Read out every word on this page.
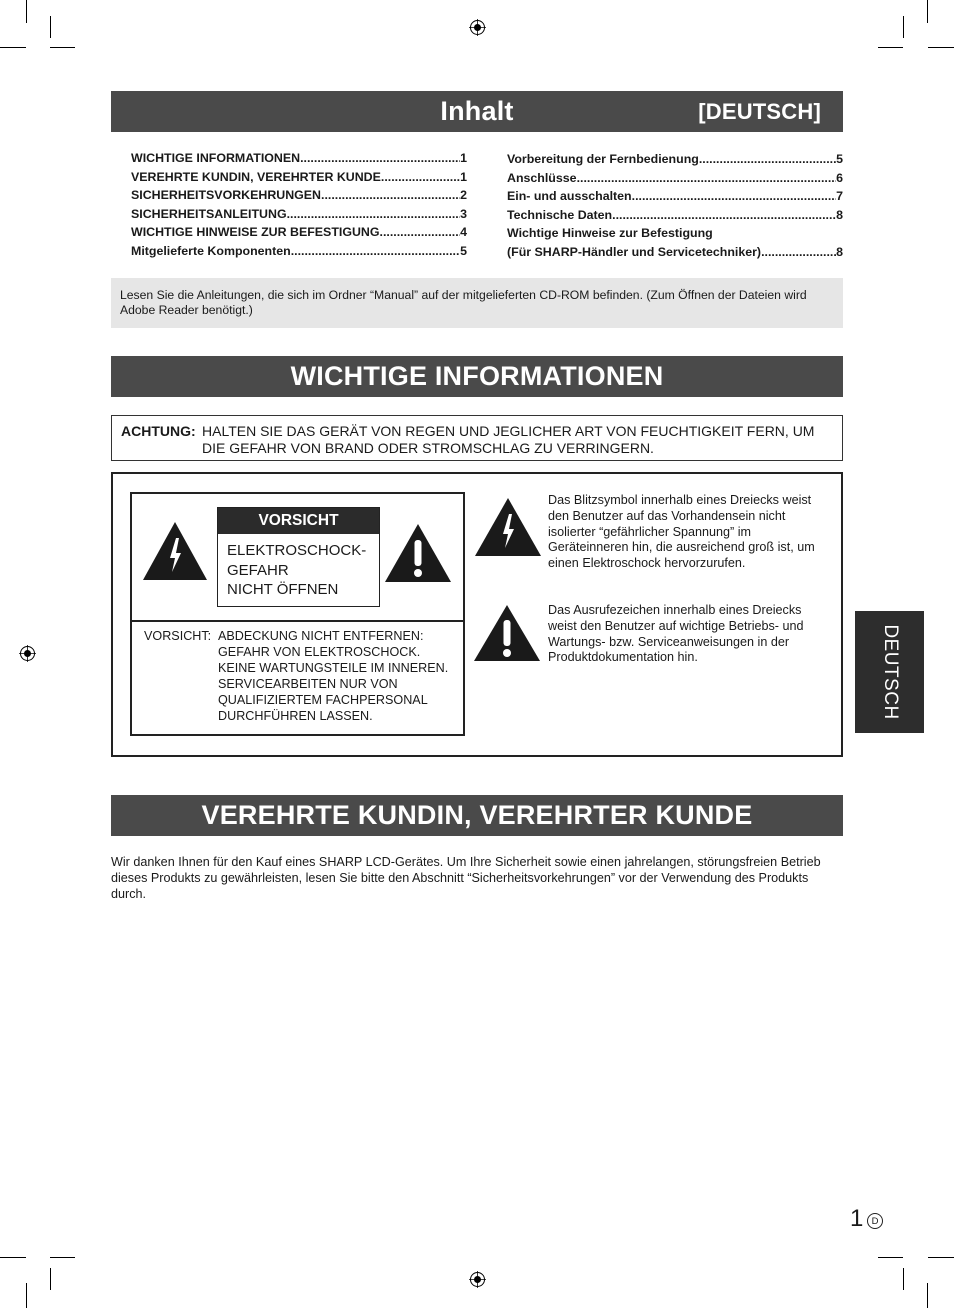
Inhalt	[DEUTSCH]
WICHTIGE INFORMATIONEN .....	1
VEREHRTE KUNDIN, VEREHRTER KUNDE .....	1
SICHERHEITSVORKEHRUNGEN .....	2
SICHERHEITSANLEITUNG .....	3
WICHTIGE HINWEISE ZUR BEFESTIGUNG .....	4
Mitgelieferte Komponenten .....	5
Vorbereitung der Fernbedienung .....	5
Anschlüsse .....	6
Ein- und ausschalten .....	7
Technische Daten .....	8
Wichtige Hinweise zur Befestigung
(Für SHARP-Händler und Servicetechniker) .....	8
Lesen Sie die Anleitungen, die sich im Ordner “Manual” auf der mitgelieferten CD-ROM befinden. (Zum Öffnen der Dateien wird Adobe Reader benötigt.)
WICHTIGE INFORMATIONEN
ACHTUNG: HALTEN SIE DAS GERÄT VON REGEN UND JEGLICHER ART VON FEUCHTIGKEIT FERN, UM DIE GEFAHR VON BRAND ODER STROMSCHLAG ZU VERRINGERN.
VORSICHT
ELEKTROSCHOCK-
GEFAHR
NICHT ÖFFNEN
VORSICHT: ABDECKUNG NICHT ENTFERNEN:
GEFAHR VON ELEKTROSCHOCK.
KEINE WARTUNGSTEILE IM INNEREN.
SERVICEARBEITEN NUR VON
QUALIFIZIERTEM FACHPERSONAL
DURCHFÜHREN LASSEN.
Das Blitzsymbol innerhalb eines Dreiecks weist den Benutzer auf das Vorhandensein nicht isolierter “gefährlicher Spannung” im Geräteinneren hin, die ausreichend groß ist, um einen Elektroschock hervorzurufen.
Das Ausrufezeichen innerhalb eines Dreiecks weist den Benutzer auf wichtige Betriebs- und Wartungs- bzw. Serviceanweisungen in der Produktdokumentation hin.	DEUTSCH
VEREHRTE KUNDIN, VEREHRTER KUNDE
Wir danken Ihnen für den Kauf eines SHARP LCD-Gerätes. Um Ihre Sicherheit sowie einen jahrelangen, störungsfreien Betrieb dieses Produkts zu gewährleisten, lesen Sie bitte den Abschnitt “Sicherheitsvorkehrungen” vor der Verwendung des Produkts durch.
1 D
